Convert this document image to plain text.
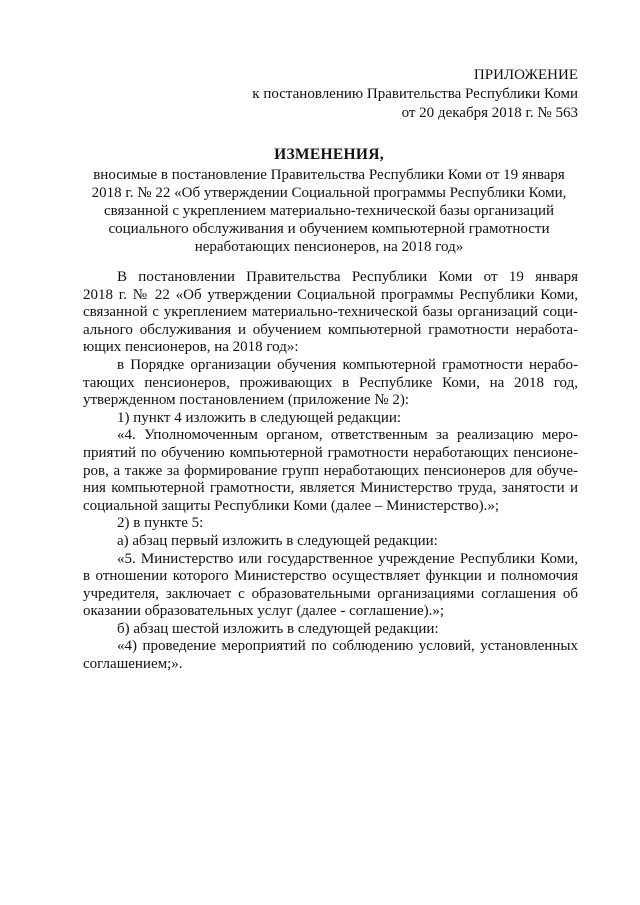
ПРИЛОЖЕНИЕ
к постановлению Правительства Республики Коми
от 20 декабря 2018 г. № 563
ИЗМЕНЕНИЯ,
вносимые в постановление Правительства Республики Коми от 19 января
2018 г. № 22 «Об утверждении Социальной программы Республики Коми,
связанной с укреплением материально-технической базы организаций
социального обслуживания и обучением компьютерной грамотности
неработающих пенсионеров, на 2018 год»
В постановлении Правительства Республики Коми от 19 января
2018 г. № 22 «Об утверждении Социальной программы Республики Коми,
связанной с укреплением материально-технической базы организаций соци-
ального обслуживания и обучением компьютерной грамотности неработа-
ющих пенсионеров, на 2018 год»:
в Порядке организации обучения компьютерной грамотности нерабо-
тающих пенсионеров, проживающих в Республике Коми, на 2018 год,
утвержденном постановлением (приложение № 2):
1) пункт 4 изложить в следующей редакции:
«4. Уполномоченным органом, ответственным за реализацию меро-
приятий по обучению компьютерной грамотности неработающих пенсионе-
ров, а также за формирование групп неработающих пенсионеров для обуче-
ния компьютерной грамотности, является Министерство труда, занятости и
социальной защиты Республики Коми (далее – Министерство).»;
2) в пункте 5:
а) абзац первый изложить в следующей редакции:
«5. Министерство или государственное учреждение Республики Коми,
в отношении которого Министерство осуществляет функции и полномочия
учредителя, заключает с образовательными организациями соглашения об
оказании образовательных услуг (далее - соглашение).»;
б) абзац шестой изложить в следующей редакции:
«4) проведение мероприятий по соблюдению условий, установленных
соглашением;».
